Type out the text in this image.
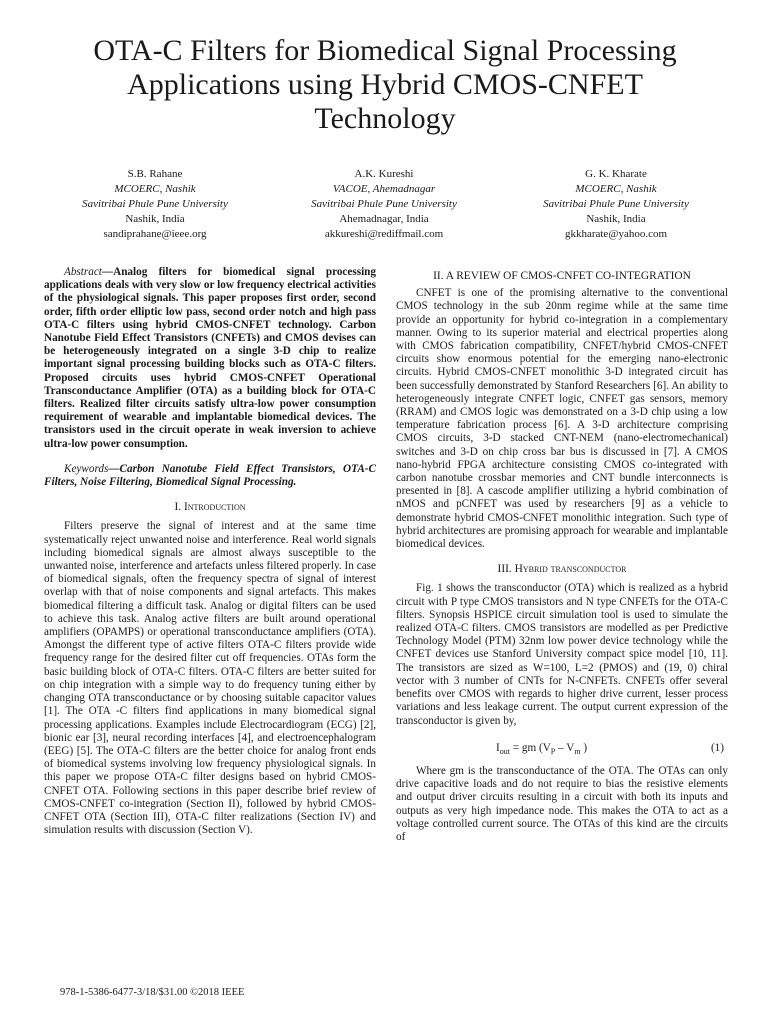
OTA-C Filters for Biomedical Signal Processing Applications using Hybrid CMOS-CNFET Technology
S.B. Rahane
MCOERC, Nashik
Savitribai Phule Pune University
Nashik, India
sandiprahane@ieee.org
A.K. Kureshi
VACOE, Ahemadnagar
Savitribai Phule Pune University
Ahemadnagar, India
akkureshi@rediffmail.com
G. K. Kharate
MCOERC, Nashik
Savitribai Phule Pune University
Nashik, India
gkkharate@yahoo.com

Abstract—Analog filters for biomedical signal processing applications deals with very slow or low frequency electrical activities of the physiological signals. This paper proposes first order, second order, fifth order elliptic low pass, second order notch and high pass OTA-C filters using hybrid CMOS-CNFET technology. Carbon Nanotube Field Effect Transistors (CNFETs) and CMOS devises can be heterogeneously integrated on a single 3-D chip to realize important signal processing building blocks such as OTA-C filters. Proposed circuits uses hybrid CMOS-CNFET Operational Transconductance Amplifier (OTA) as a building block for OTA-C filters. Realized filter circuits satisfy ultra-low power consumption requirement of wearable and implantable biomedical devices. The transistors used in the circuit operate in weak inversion to achieve ultra-low power consumption.

Keywords—Carbon Nanotube Field Effect Transistors, OTA-C Filters, Noise Filtering, Biomedical Signal Processing.

I. Introduction

Filters preserve the signal of interest and at the same time systematically reject unwanted noise and interference. Real world signals including biomedical signals are almost always susceptible to the unwanted noise, interference and artefacts unless filtered properly. In case of biomedical signals, often the frequency spectra of signal of interest overlap with that of noise components and signal artefacts. This makes biomedical filtering a difficult task. Analog or digital filters can be used to achieve this task. Analog active filters are built around operational amplifiers (OPAMPS) or operational transconductance amplifiers (OTA). Amongst the different type of active filters OTA-C filters provide wide frequency range for the desired filter cut off frequencies. OTAs form the basic building block of OTA-C filters. OTA-C filters are better suited for on chip integration with a simple way to do frequency tuning either by changing OTA transconductance or by choosing suitable capacitor values [1]. The OTA -C filters find applications in many biomedical signal processing applications. Examples include Electrocardiogram (ECG) [2], bionic ear [3], neural recording interfaces [4], and electroencephalogram (EEG) [5]. The OTA-C filters are the better choice for analog front ends of biomedical systems involving low frequency physiological signals. In this paper we propose OTA-C filter designs based on hybrid CMOS-CNFET OTA. Following sections in this paper describe brief review of CMOS-CNFET co-integration (Section II), followed by hybrid CMOS-CNFET OTA (Section III), OTA-C filter realizations (Section IV) and simulation results with discussion (Section V).

II. A REVIEW OF CMOS-CNFET CO-INTEGRATION

CNFET is one of the promising alternative to the conventional CMOS technology in the sub 20nm regime while at the same time provide an opportunity for hybrid co-integration in a complementary manner. Owing to its superior material and electrical properties along with CMOS fabrication compatibility, CNFET/hybrid CMOS-CNFET circuits show enormous potential for the emerging nano-electronic circuits. Hybrid CMOS-CNFET monolithic 3-D integrated circuit has been successfully demonstrated by Stanford Researchers [6]. An ability to heterogeneously integrate CNFET logic, CNFET gas sensors, memory (RRAM) and CMOS logic was demonstrated on a 3-D chip using a low temperature fabrication process [6]. A 3-D architecture comprising CMOS circuits, 3-D stacked CNT-NEM (nano-electromechanical) switches and 3-D on chip cross bar bus is discussed in [7]. A CMOS nano-hybrid FPGA architecture consisting CMOS co-integrated with carbon nanotube crossbar memories and CNT bundle interconnects is presented in [8]. A cascode amplifier utilizing a hybrid combination of nMOS and pCNFET was used by researchers [9] as a vehicle to demonstrate hybrid CMOS-CNFET monolithic integration. Such type of hybrid architectures are promising approach for wearable and implantable biomedical devices.

III. Hybrid transconductor

Fig. 1 shows the transconductor (OTA) which is realized as a hybrid circuit with P type CMOS transistors and N type CNFETs for the OTA-C filters. Synopsis HSPICE circuit simulation tool is used to simulate the realized OTA-C filters. CMOS transistors are modelled as per Predictive Technology Model (PTM) 32nm low power device technology while the CNFET devices use Stanford University compact spice model [10, 11]. The transistors are sized as W=100, L=2 (PMOS) and (19, 0) chiral vector with 3 number of CNTs for N-CNFETs. CNFETs offer several benefits over CMOS with regards to higher drive current, lesser process variations and less leakage current. The output current expression of the transconductor is given by,

$I_{out}$ = gm ($V_P - V_m$ )	(1)

Where gm is the transconductance of the OTA. The OTAs can only drive capacitive loads and do not require to bias the resistive elements and output driver circuits resulting in a circuit with both its inputs and outputs as very high impedance node. This makes the OTA to act as a voltage controlled current source. The OTAs of this kind are the circuits of

978-1-5386-6477-3/18/$31.00 ©2018 IEEE
